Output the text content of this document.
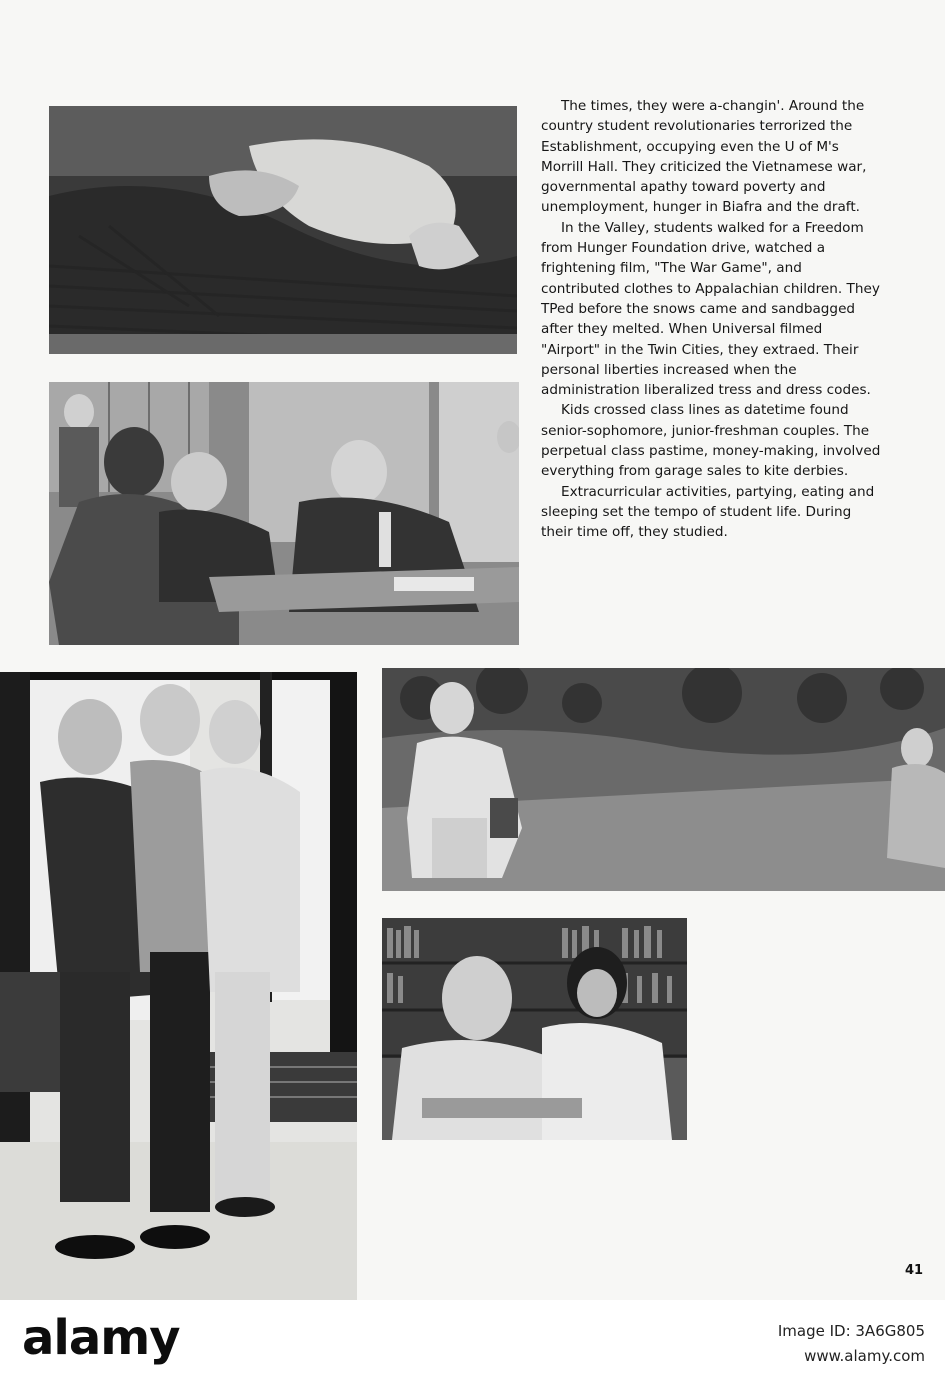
The times, they were a-changin'. Around the country student revolutionaries terrorized the Establishment, occupying even the U of M's Morrill Hall. They criticized the Vietnamese war, governmental apathy toward poverty and unemployment, hunger in Biafra and the draft.

In the Valley, students walked for a Freedom from Hunger Foundation drive, watched a frightening film, "The War Game", and contributed clothes to Appalachian children. They TPed before the snows came and sandbagged after they melted. When Universal filmed "Airport" in the Twin Cities, they extraed. Their personal liberties increased when the administration liberalized tress and dress codes.

Kids crossed class lines as datetime found senior-sophomore, junior-freshman couples. The perpetual class pastime, money-making, involved everything from garage sales to kite derbies.

Extracurricular activities, partying, eating and sleeping set the tempo of student life. During their time off, they studied.

41
alamy	Image ID: 3A6G805
www.alamy.com
